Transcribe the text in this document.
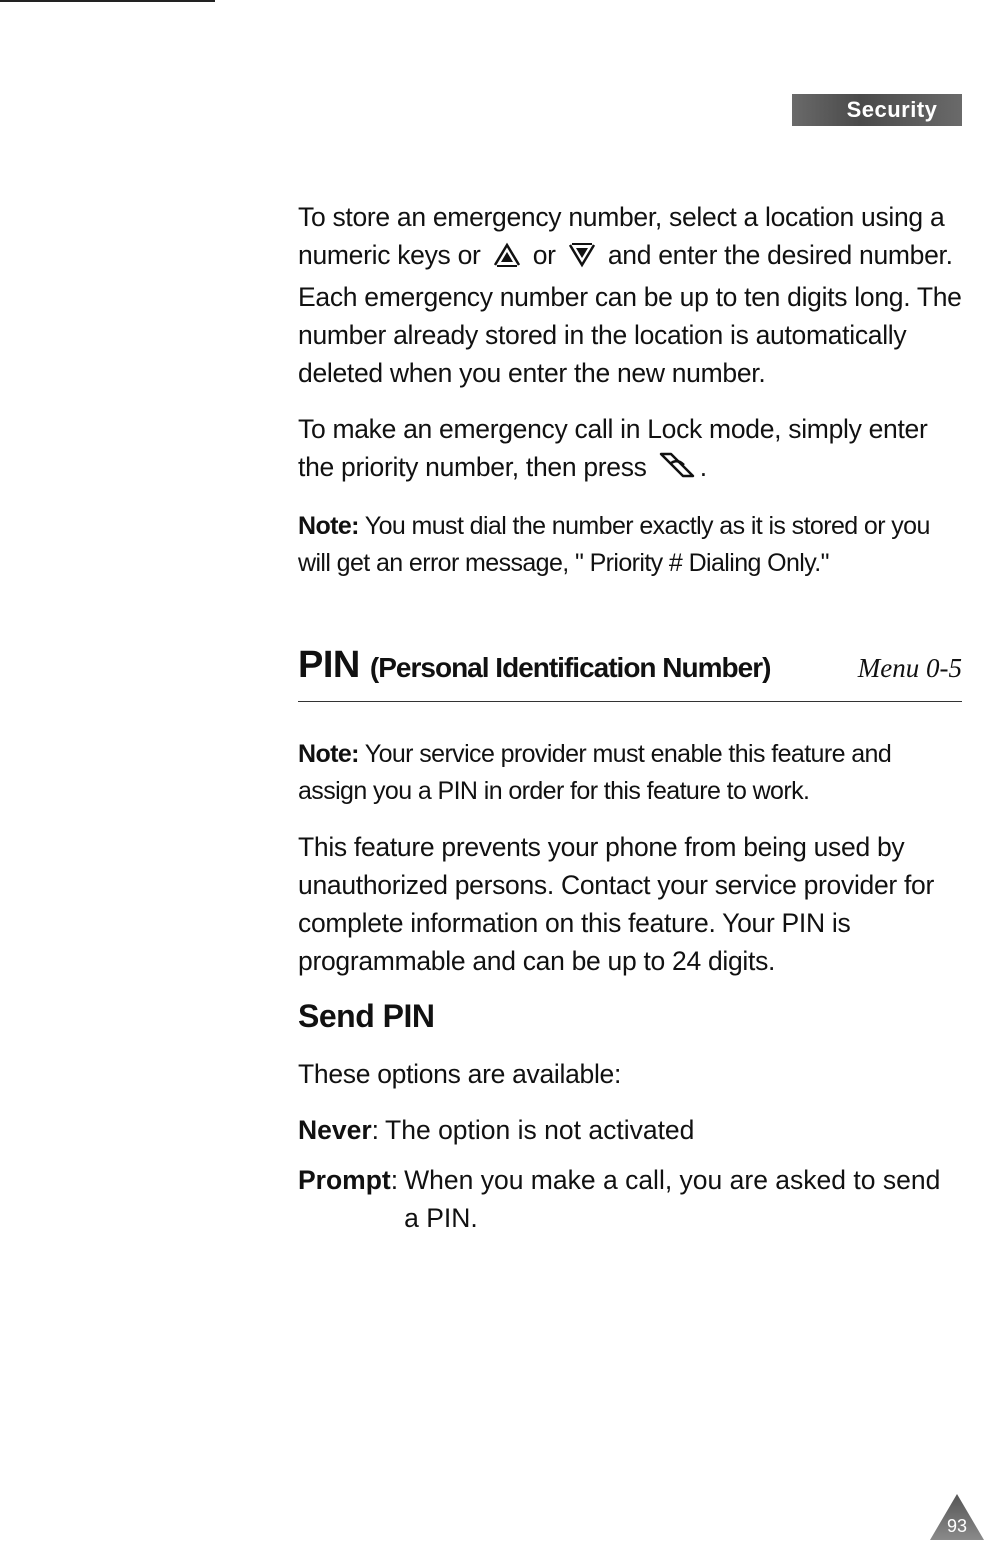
Security

To store an emergency number, select a location using a numeric keys or or and enter the desired number. Each emergency number can be up to ten digits long. The number already stored in the location is automatically deleted when you enter the new number.

To make an emergency call in Lock mode, simply enter the priority number, then press .

Note: You must dial the number exactly as it is stored or you will get an error message, " Priority # Dialing Only."

PIN (Personal Identification Number)	Menu 0-5

Note: Your service provider must enable this feature and assign you a PIN in order for this feature to work.

This feature prevents your phone from being used by unauthorized persons. Contact your service provider for complete information on this feature. Your PIN is programmable and can be up to 24 digits.

Send PIN

These options are available:

Never : The option is not activated
Prompt : When you make a call, you are asked to send a PIN.
93
